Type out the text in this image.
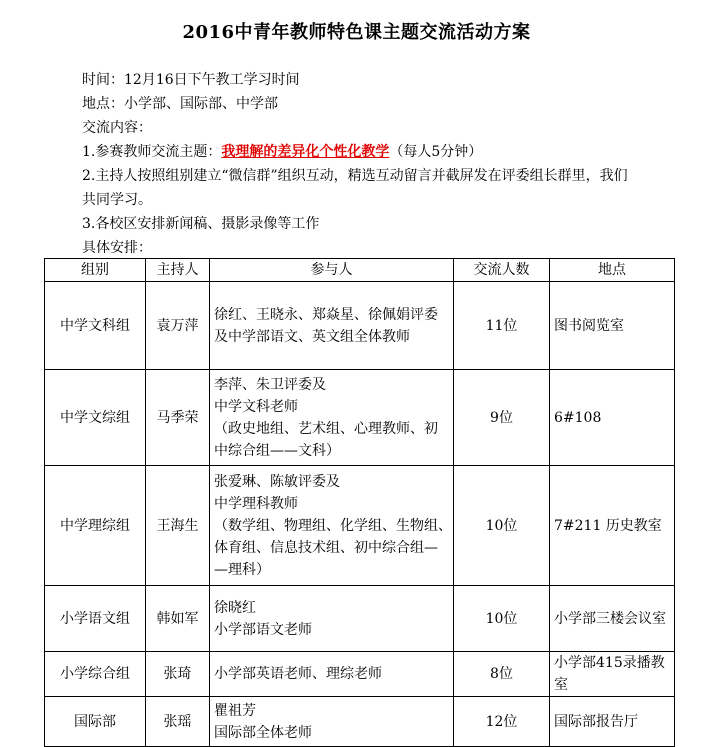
2016中青年教师特色课主题交流活动方案
时间：12月16日下午教工学习时间
地点：小学部、国际部、中学部
交流内容：
1.参赛教师交流主题：我理解的差异化个性化教学（每人5分钟）
2.主持人按照组别建立“微信群”组织互动，精选互动留言并截屏发在评委组长群里，我们
共同学习。
3.各校区安排新闻稿、摄影录像等工作
具体安排：
组别	主持人	参与人	交流人数	地点
中学文科组	袁万萍	徐红、王晓永、郑焱星、徐佩娟评委
及中学部语文、英文组全体教师	11位	图书阅览室
中学文综组	马季荣	李萍、朱卫评委及
中学文科老师
（政史地组、艺术组、心理教师、初
中综合组——文科）	9位	6#108
中学理综组	王海生	张爱琳、陈敏评委及
中学理科教师
（数学组、物理组、化学组、生物组、
体育组、信息技术组、初中综合组—
—理科）	10位	7#211 历史教室
小学语文组	韩如军	徐晓红
小学部语文老师	10位	小学部三楼会议室
小学综合组	张琦	小学部英语老师、理综老师	8位	小学部415录播教室
国际部	张瑶	瞿祖芳
国际部全体老师	12位	国际部报告厅
